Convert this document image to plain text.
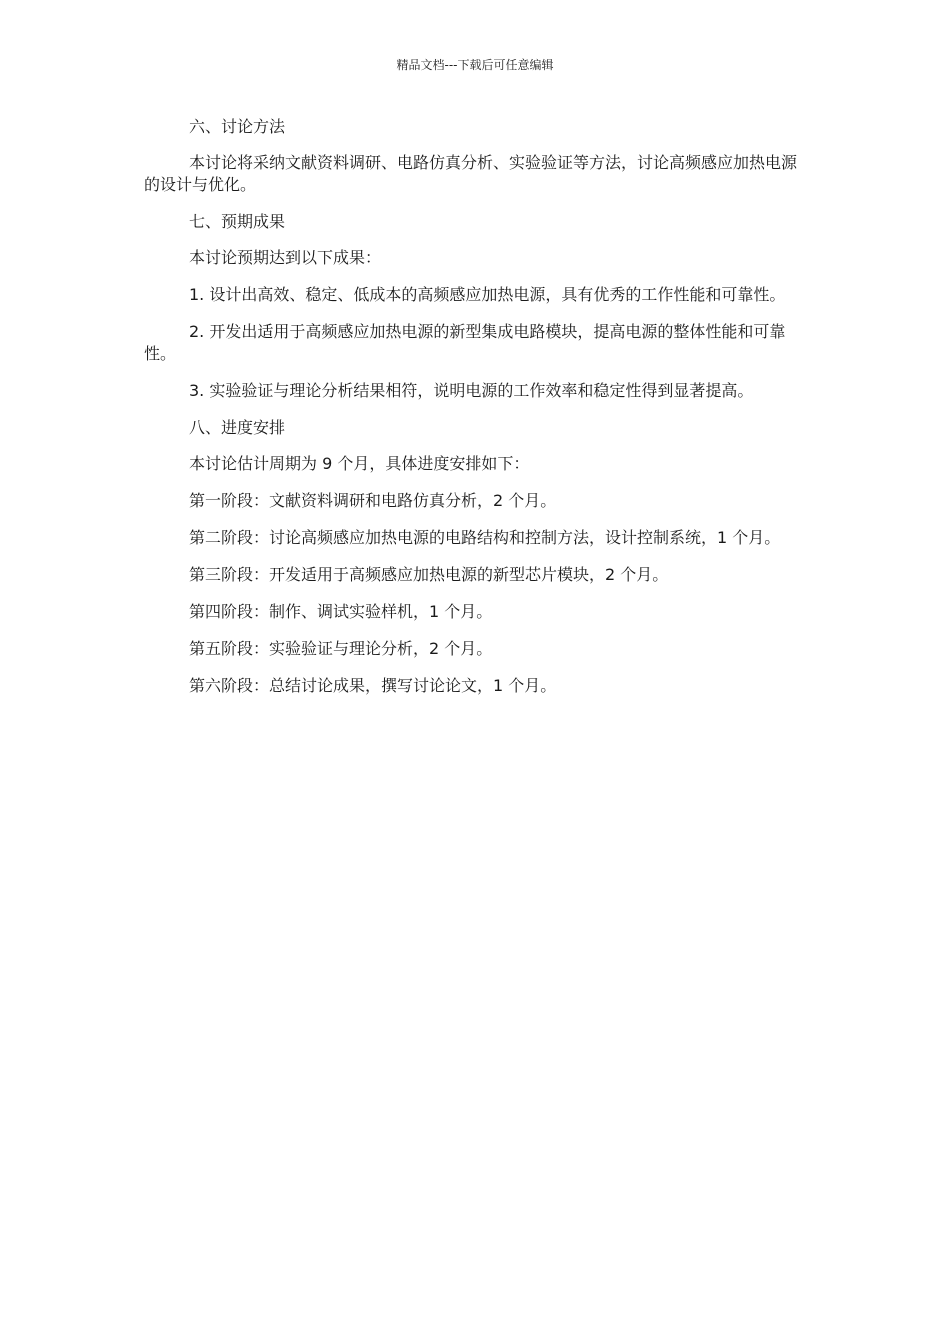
精品文档---下载后可任意编辑

六、讨论方法

本讨论将采纳文献资料调研、电路仿真分析、实验验证等方法，讨论高频感应加热电源的设计与优化。

七、预期成果

本讨论预期达到以下成果：

1. 设计出高效、稳定、低成本的高频感应加热电源，具有优秀的工作性能和可靠性。

2. 开发出适用于高频感应加热电源的新型集成电路模块，提高电源的整体性能和可靠性。

3. 实验验证与理论分析结果相符，说明电源的工作效率和稳定性得到显著提高。

八、进度安排

本讨论估计周期为 9 个月，具体进度安排如下：

第一阶段：文献资料调研和电路仿真分析，2 个月。

第二阶段：讨论高频感应加热电源的电路结构和控制方法，设计控制系统，1 个月。

第三阶段：开发适用于高频感应加热电源的新型芯片模块，2 个月。

第四阶段：制作、调试实验样机，1 个月。

第五阶段：实验验证与理论分析，2 个月。

第六阶段：总结讨论成果，撰写讨论论文，1 个月。
